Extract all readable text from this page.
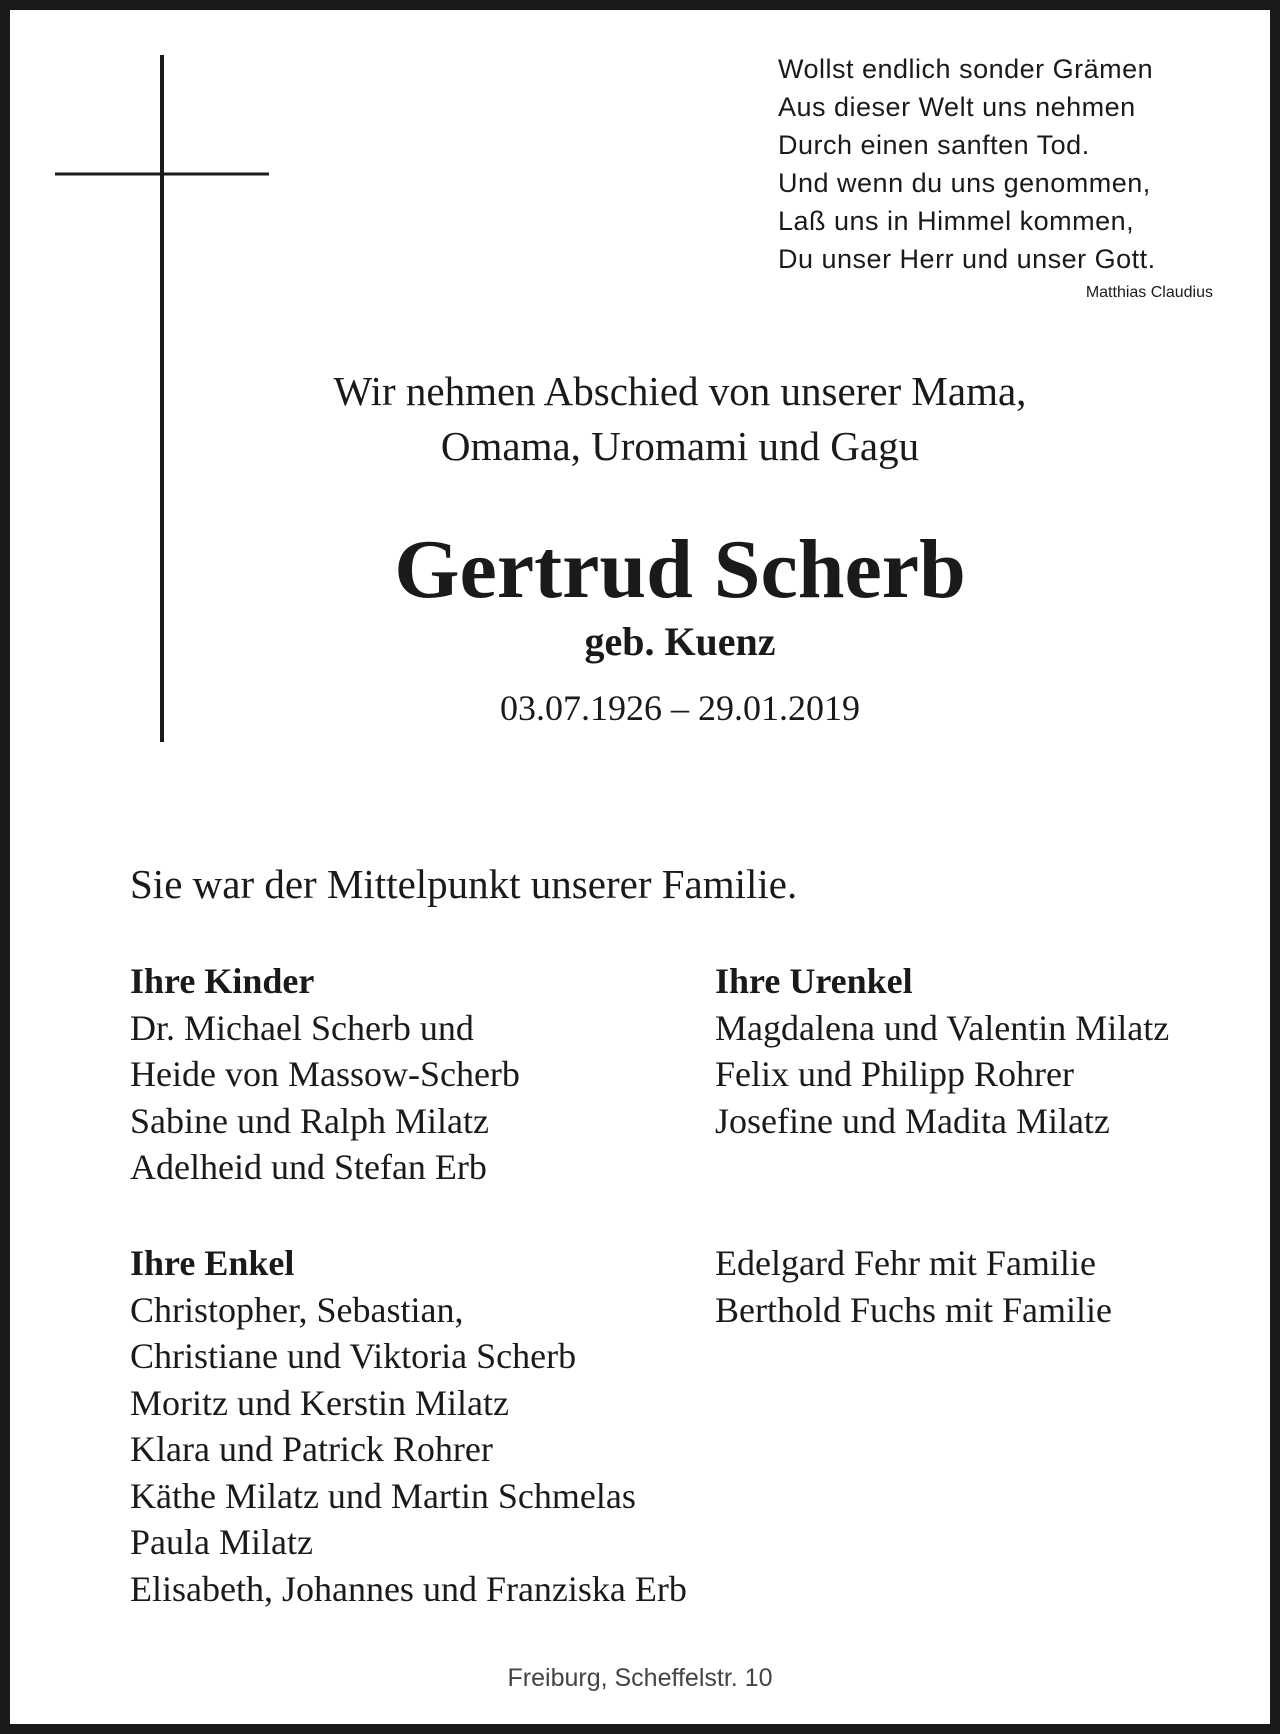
Wollst endlich sonder Grämen
Aus dieser Welt uns nehmen
Durch einen sanften Tod.
Und wenn du uns genommen,
Laß uns in Himmel kommen,
Du unser Herr und unser Gott.
Matthias Claudius
Wir nehmen Abschied von unserer Mama,
Omama, Uromami und Gagu
Gertrud Scherb
geb. Kuenz
03.07.1926 – 29.01.2019
Sie war der Mittelpunkt unserer Familie.
Ihre Kinder
Dr. Michael Scherb und
Heide von Massow-Scherb
Sabine und Ralph Milatz
Adelheid und Stefan Erb
Ihre Urenkel
Magdalena und Valentin Milatz
Felix und Philipp Rohrer
Josefine und Madita Milatz
Ihre Enkel
Christopher, Sebastian,
Christiane und Viktoria Scherb
Moritz und Kerstin Milatz
Klara und Patrick Rohrer
Käthe Milatz und Martin Schmelas
Paula Milatz
Elisabeth, Johannes und Franziska Erb
Edelgard Fehr mit Familie
Berthold Fuchs mit Familie
Freiburg, Scheffelstr. 10
